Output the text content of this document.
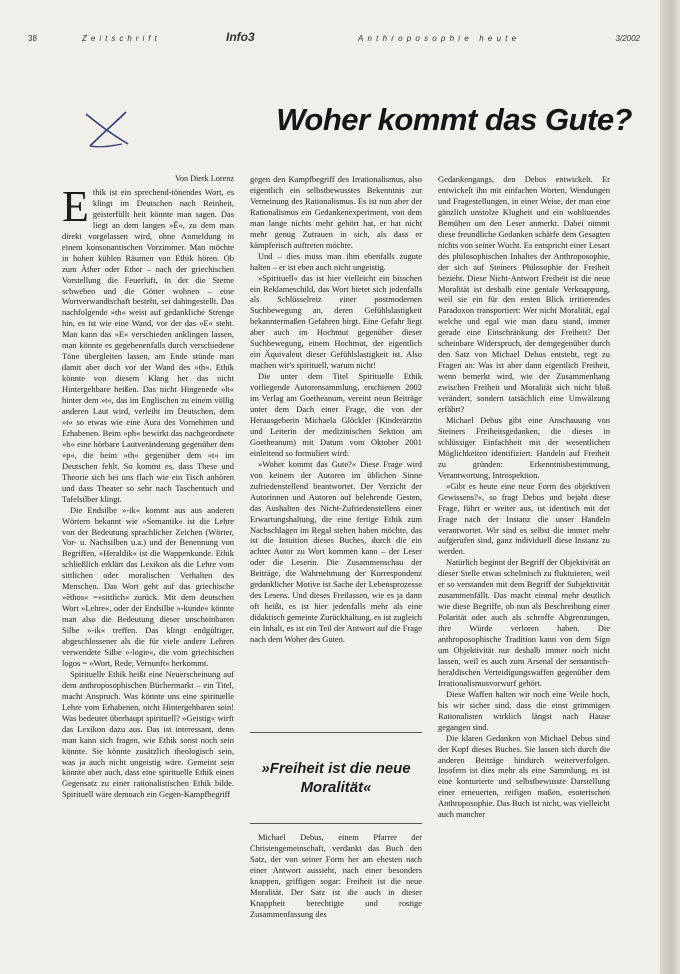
38	Zeitschrift	Info3	Anthroposophie heute	3/2002
Woher kommt das Gute?
Von Dierk Lorenz

Ethik ist ein sprechend-tönendes Wort, es klingt im Deutschen nach Reinheit, geisterfüllt heit könnte man sagen. Das liegt an dem langen »Ē«, zu dem man direkt vorgelassen wird, ohne Anmeldung in einem konsonantischen Vorzimmer. Man möchte in hohen kühlen Räumen von Ethik hören. Ob zum Äther oder Ether – nach der griechischen Vorstellung die Feuerluft, in der die Sterne schweben und die Götter wohnen – eine Wortverwandtschaft besteht, sei dahingestellt. Das nachfolgende »th« weist auf gedankliche Strenge hin, es ist wie eine Wand, vor der das »E« steht. Man kann das »E« verschieden anklingen lassen, man könnte es gegebenenfalls durch verschiedene Töne übergleiten lassen, am Ende stünde man damit aber doch vor der Wand des »th«. Ethik könnte von diesem Klang her das nicht Hintergehbare heißen. Das nicht Hingenede »h« hinter dem »t«, das im Englischen zu einem völlig anderen Laut wird, verleiht im Deutschen, dem »t« so etwas wie eine Aura des Vornehmen und Erhabenen. Beim »ph« bewirkt das nachgeordnete »h« eine hörbare Lautveränderung gegenüber dem »p«, die beim »th« gegenüber dem »t« im Deutschen fehlt. So kommt es, dass These und Theorie sich bei uns flach wie ein Tisch anhören und dass Theater so sehr nach Taschentuch und Tafelsilber klingt.

Die Endsilbe »-ik« kommt aus aus anderen Wörtern bekannt wie »Semantik« ist die Lehre von der Bedeutung sprachlicher Zeichen (Wörter, Vor- u. Nachsilben u.a.) und der Benennung von Begriffen, »Heraldik« ist die Wappenkunde. Ethik schließlich erklärt das Lexikon als die Lehre vom sittlichen oder moralischen Verhalten des Menschen. Das Wort geht auf das griechische »ēthos« =»sittlich« zurück. Mit dem deutschen Wort »Lehre«, oder der Endsilbe »-kunde« könnte man also die Bedeutung dieser unscheinbaren Silbe »-ik« treffen. Das klingt endgültiger, abgeschlossener als die für viele andere Lehren verwendete Silbe »-logie«, die vom griechischen logos = »Wort, Rede, Vernunft« herkommt.

Spirituelle Ethik heißt eine Neuerscheinung auf dem anthroposophischen Büchermarkt – ein Titel, macht Anspruch. Was könnte uns eine spirituelle Lehre vom Erhabenen, nicht Hintergehbaren sein! Was bedeutet überhaupt spirituell? »Geistig« wirft das Lexikon dazu aus. Das ist interessant, denn man kann sich fragen, wie Ethik sonst noch sein könnte. Sie könnte zusätzlich theologisch sein, was ja auch nicht ungeistig wäre. Gemeint sein könnte aber auch, dass eine spirituelle Ethik einen Gegensatz zu einer rationalistischen Ethik bilde. Spirituell wäre demnach ein Gegen-Kampfbegriff

gegen den Kampfbegriff des Irrationalismus, also eigentlich ein selbstbewusstes Bekenntnis zur Verneinung des Rationalismus. Es ist nun aber der Rationalismus ein Gedankenexperiment, von dem man lange nichts mehr gehört hat, er hat nicht mehr genug Zutrauen in sich, als dass er kämpferisch auftreten möchte.

Und – dies muss man ihm ebenfalls zugute halten – er ist eben auch nicht ungeistig.

»Spirituell« das ist hier vielleicht ein bisschen ein Reklameschild, das Wort bietet sich jedenfalls als Schlüsselreiz einer postmodernen Suchbewegung an, deren Gefühlslastigkeit bekanntermaßen Gefahren birgt. Eine Gefahr liegt aber auch im Hochmut gegenüber dieser Suchbewegung, einem Hochmut, der eigentlich ein Äquivalent dieser Gefühlslastigkeit ist. Also machen wir's spirituell, warum nicht!

Die unter dem Titel Spirituelle Ethik vorliegende Autorensammlung, erschienen 2002 im Verlag am Goetheanum, vereint neun Beiträge unter dem Dach einer Frage, die von der Herausgeberin Michaela Glöckler (Kinderärztin und Leiterin der medizinischen Sektion am Goetheanum) mit Datum vom Oktober 2001 einleitend so formuliert wird:

»Woher kommt das Gute?« Diese Frage wird von keinem der Autoren im üblichen Sinne zufriedenstellend beantwortet. Der Verzicht der Autorinnen und Autoren auf belehrende Gesten, das Aushalten des Nicht-Zufriedenstellens einer Erwartungshaltung, die eine fertige Ethik zum Nachschlagen im Regal stehen haben möchte, das ist die Intuition dieses Buches, durch die ein achter Autor zu Wort kommen kann – der Leser oder die Leserin. Die Zusammenschau der Beiträge, die Wahrnehmung der Korrespondenz gedanklicher Motive ist Sache der Lebensprozesse des Lesens. Und dieses Freilassen, wie es ja dann oft heißt, es ist hier jedenfalls mehr als eine didaktisch gemeinte Zurückhaltung, es ist zugleich ein Inhalt, es ist ein Teil der Antwort auf die Frage nach dem Woher des Guten.

»Freiheit ist die neue Moralität«

Michael Debus, einem Pfarrer der Christengemeinschaft, verdankt das Buch den Satz, der von seiner Form her am ehesten nach einer Antwort aussieht, nach einer besonders knappen, griffigen sogar: Freiheit ist die neue Moralität. Der Satz ist die auch in dieser Knappheit berechtigte und rostige Zusammenfassung des

Gedankengangs, den Debus entwickelt. Er entwickelt ihn mit einfachen Worten, Wendungen und Fragestellungen, in einer Weise, der man eine gänzlich unstolze Klugheit und ein wohltuendes Bemühen um den Leser anmerkt. Dabei nimmt diese freundliche Gedanken schärfe dem Gesagten nichts von seiner Wucht. Es entspricht einer Lesart des philosophischen Inhaltes der Anthroposophie, der sich auf Steiners Philosophie der Freiheit bezieht. Diese Nicht-Antwort Freiheit ist die neue Moralität ist deshalb eine geniale Verknappung, weil sie ein für den ersten Blick irritierendes Paradoxon transportiert: Wer nicht Moralität, egal welche und egal wie man dazu stand, immer gerade eine Einschränkung der Freiheit? Der scheinbare Widerspruch, der demgegenüber durch den Satz von Michael Debus entsteht, regt zu Fragen an: Was ist aber dann eigentlich Freiheit, wenn bemerkt wird, wie der Zusammenhang zwischen Freiheit und Moralität sich nicht bloß verändert, sondern tatsächlich eine Umwälzung erfährt?

Michael Debus gibt eine Anschauung von Steiners Freiheitsgedanken, die dieses in schlüssiger Einfachheit mit der wesentlichen Möglichkeiten identifiziert. Handeln auf Freiheit zu gründen: Erkenntnisbestimmung, Verantwortung, Introspektion.

»Gibt es heute eine neue Form des objektiven Gewissens?«, so fragt Debus und bejaht diese Frage, führt er weiter aus, ist identisch mit der Frage nach der Instanz die unser Handeln verantwortet. Wir sind es selbst die immer mehr aufgerufen sind, ganz individuell diese Instanz zu werden.

Natürlich beginnt der Begriff der Objektivität an dieser Stelle etwas schelmisch zu fluktuieren, weil er so verstanden mit dem Begriff der Subjektivität zusammenfällt. Das macht einmal mehr deutlich wie diese Begriffe, ob nun als Beschreibung einer Polarität oder auch als schroffe Abgrenzungen, ihre Würde verloren haben. Die anthroposophische Tradition kann von dem Sign um Objektivität nur deshalb immer noch nicht lassen, weil es auch zum Arsenal der semantisch-heraldischen Verteidigungswaffen gegenüber dem Irrationalismusvorwurf gehört.

Diese Waffen halten wir noch eine Weile hoch, bis wir sicher sind, dass die einst grimmigen Rationalisten wirklich längst nach Hause gegangen sind.

Die klaren Gedanken von Michael Debus sind der Kopf dieses Buches. Sie lassen sich durch die anderen Beiträge hindurch weiterverfolgen. Insofern ist dies mehr als eine Sammlung, es ist eine konturierte und selbstbewusste Darstellung einer erneuerten, reifigen maßen, esoterischen Anthroposophie. Das Buch ist nicht, was vielleicht auch mancher
